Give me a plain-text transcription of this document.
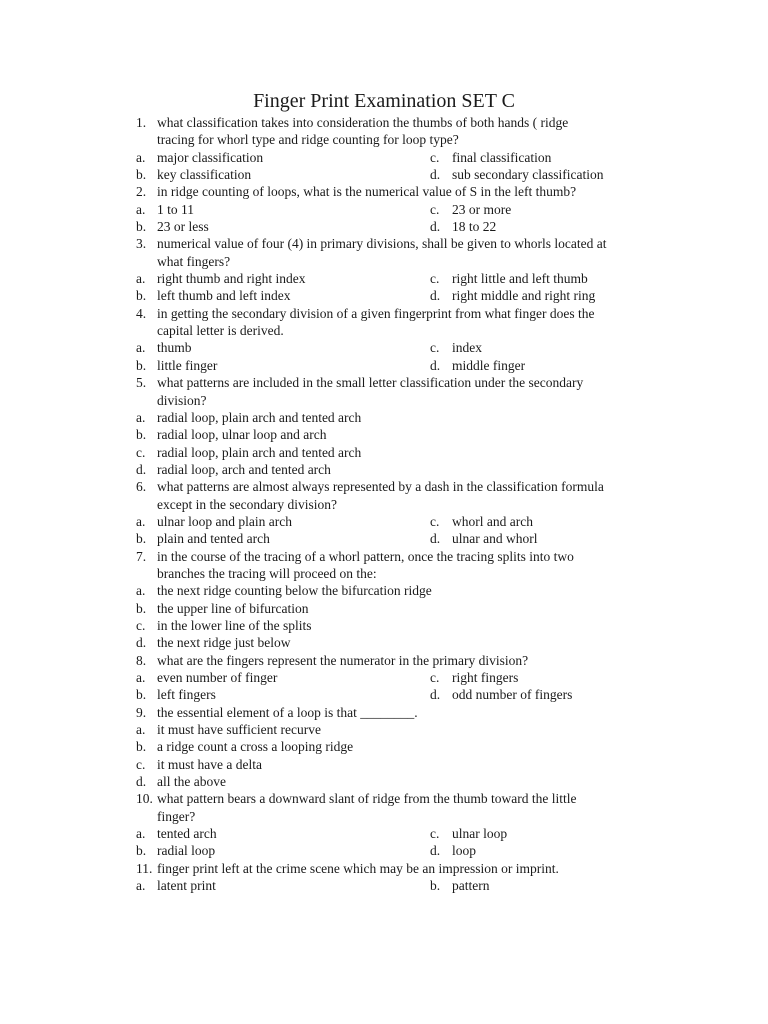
Finger Print Examination SET C
1. what classification takes into consideration the thumbs of both hands ( ridge
tracing for whorl type and ridge counting for loop type?
a. major classification	c. final classification
b. key classification	d. sub secondary classification
2. in ridge counting of loops, what is the numerical value of S in the left thumb?
a. 1 to 11	c. 23 or more
b. 23 or less	d. 18 to 22
3. numerical value of four (4) in primary divisions, shall be given to whorls located at
what fingers?
a. right thumb and right index	c. right little and left thumb
b. left thumb and left index	d. right middle and right ring
4. in getting the secondary division of a given fingerprint from what finger does the
capital letter is derived.
a. thumb	c. index
b. little finger	d. middle finger
5. what patterns are included in the small letter classification under the secondary
division?
a. radial loop, plain arch and tented arch
b. radial loop, ulnar loop and arch
c. radial loop, plain arch and tented arch
d. radial loop, arch and tented arch
6. what patterns are almost always represented by a dash in the classification formula
except in the secondary division?
a. ulnar loop and plain arch	c. whorl and arch
b. plain and tented arch	d. ulnar and whorl
7. in the course of the tracing of a whorl pattern, once the tracing splits into two
branches the tracing will proceed on the:
a. the next ridge counting below the bifurcation ridge
b. the upper line of bifurcation
c. in the lower line of the splits
d. the next ridge just below
8. what are the fingers represent the numerator in the primary division?
a. even number of finger	c. right fingers
b. left fingers	d. odd number of fingers
9. the essential element of a loop is that ________.
a. it must have sufficient recurve
b. a ridge count a cross a looping ridge
c. it must have a delta
d. all the above
10. what pattern bears a downward slant of ridge from the thumb toward the little
finger?
a. tented arch	c. ulnar loop
b. radial loop	d. loop
11. finger print left at the crime scene which may be an impression or imprint.
a. latent print	b. pattern
